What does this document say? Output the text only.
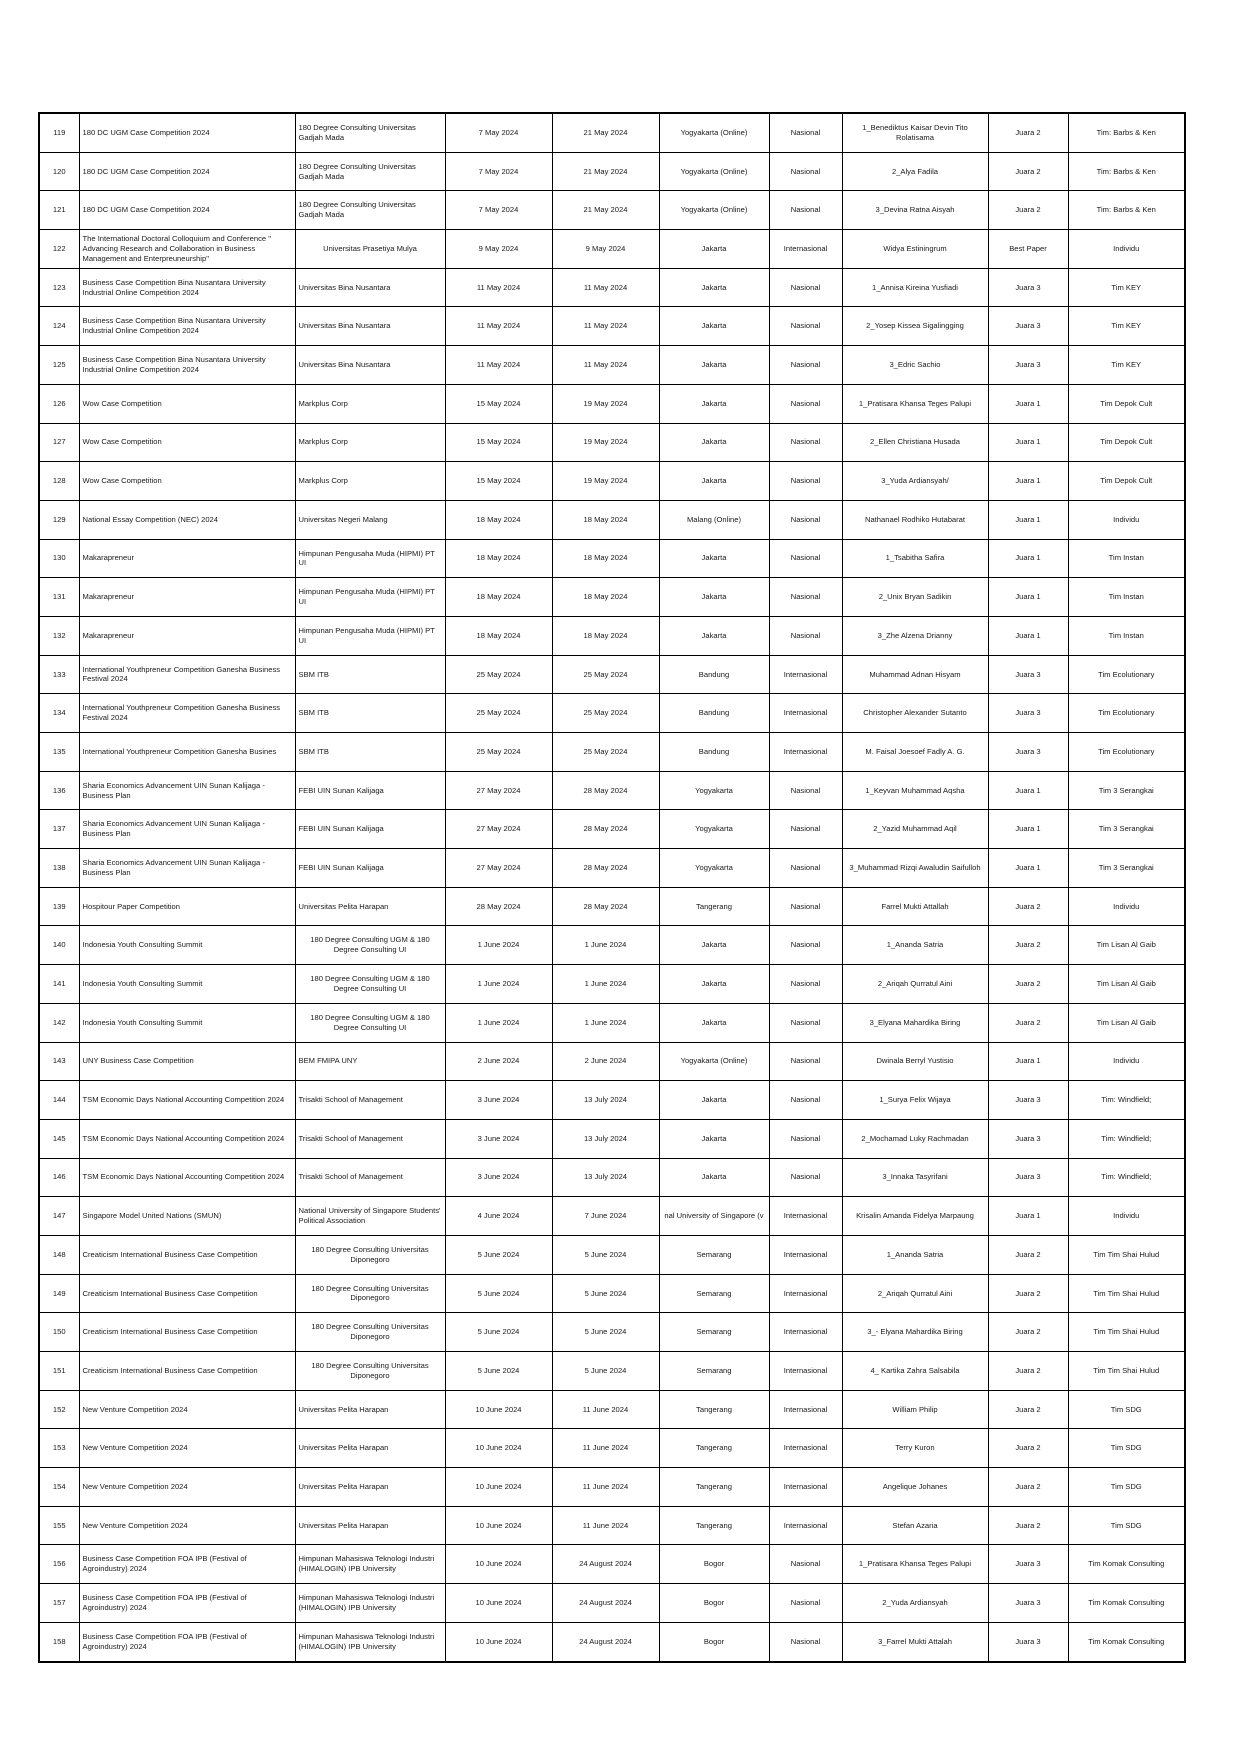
119	180 DC UGM Case Competition 2024	180 Degree Consulting Universitas Gadjah Mada	7 May 2024	21 May 2024	Yogyakarta (Online)	Nasional	1_Benediktus Kaisar Devin Tito Rolatisama	Juara 2	Tim: Barbs & Ken
120	180 DC UGM Case Competition 2024	180 Degree Consulting Universitas Gadjah Mada	7 May 2024	21 May 2024	Yogyakarta (Online)	Nasional	2_Alya Fadila	Juara 2	Tim: Barbs & Ken
121	180 DC UGM Case Competition 2024	180 Degree Consulting Universitas Gadjah Mada	7 May 2024	21 May 2024	Yogyakarta (Online)	Nasional	3_Devina Ratna Aisyah	Juara 2	Tim: Barbs & Ken
122	The International Doctoral Colloquium and Conference " Advancing Research and Collaboration in Business Management and Enterpreuneurship"	Universitas Prasetiya Mulya	9 May 2024	9 May 2024	Jakarta	Internasional	Widya Estiningrum	Best Paper	Individu
123	Business Case Competition Bina Nusantara University Industrial Online Competition 2024	Universitas Bina Nusantara	11 May 2024	11 May 2024	Jakarta	Nasional	1_Annisa Kireina Yusfiadi	Juara 3	Tim KEY
124	Business Case Competition Bina Nusantara University Industrial Online Competition 2024	Universitas Bina Nusantara	11 May 2024	11 May 2024	Jakarta	Nasional	2_Yosep Kissea Sigalingging	Juara 3	Tim KEY
125	Business Case Competition Bina Nusantara University Industrial Online Competition 2024	Universitas Bina Nusantara	11 May 2024	11 May 2024	Jakarta	Nasional	3_Edric Sachio	Juara 3	Tim KEY
126	Wow Case Competition	Markplus Corp	15 May 2024	19 May 2024	Jakarta	Nasional	1_Pratisara Khansa Teges Palupi	Juara 1	Tim Depok Cult
127	Wow Case Competition	Markplus Corp	15 May 2024	19 May 2024	Jakarta	Nasional	2_Ellen Christiana Husada	Juara 1	Tim Depok Cult
128	Wow Case Competition	Markplus Corp	15 May 2024	19 May 2024	Jakarta	Nasional	3_Yuda Ardiansyah/	Juara 1	Tim Depok Cult
129	National Essay Competition (NEC) 2024	Universitas Negeri Malang	18 May 2024	18 May 2024	Malang (Online)	Nasional	Nathanael Rodhiko Hutabarat	Juara 1	Individu
130	Makarapreneur	Himpunan Pengusaha Muda (HIPMI) PT UI	18 May 2024	18 May 2024	Jakarta	Nasional	1_Tsabitha Safira	Juara 1	Tim Instan
131	Makarapreneur	Himpunan Pengusaha Muda (HIPMI) PT UI	18 May 2024	18 May 2024	Jakarta	Nasional	2_Unix Bryan Sadikin	Juara 1	Tim Instan
132	Makarapreneur	Himpunan Pengusaha Muda (HIPMI) PT UI	18 May 2024	18 May 2024	Jakarta	Nasional	3_Zhe Alzena Drianny	Juara 1	Tim Instan
133	International Youthpreneur Competition Ganesha Business Festival 2024	SBM ITB	25 May 2024	25 May 2024	Bandung	Internasional	Muhammad Adnan Hisyam	Juara 3	Tim Ecolutionary
134	International Youthpreneur Competition Ganesha Business Festival 2024	SBM ITB	25 May 2024	25 May 2024	Bandung	Internasional	Christopher Alexander Sutanto	Juara 3	Tim Ecolutionary
135	International Youthpreneur Competition Ganesha Busines	SBM ITB	25 May 2024	25 May 2024	Bandung	Internasional	M. Faisal Joesoef Fadly A. G.	Juara 3	Tim Ecolutionary
136	Sharia Economics Advancement UIN Sunan Kalijaga - Business Plan	FEBI UIN Sunan Kalijaga	27 May 2024	28 May 2024	Yogyakarta	Nasional	1_Keyvan Muhammad Aqsha	Juara 1	Tim 3 Serangkai
137	Sharia Economics Advancement UIN Sunan Kalijaga - Business Plan	FEBI UIN Sunan Kalijaga	27 May 2024	28 May 2024	Yogyakarta	Nasional	2_Yazid Muhammad Aqil	Juara 1	Tim 3 Serangkai
138	Sharia Economics Advancement UIN Sunan Kalijaga - Business Plan	FEBI UIN Sunan Kalijaga	27 May 2024	28 May 2024	Yogyakarta	Nasional	3_Muhammad Rizqi Awaludin Saifulloh	Juara 1	Tim 3 Serangkai
139	Hospitour Paper Competition	Universitas Pelita Harapan	28 May 2024	28 May 2024	Tangerang	Nasional	Farrel Mukti Attallah	Juara 2	Individu
140	Indonesia Youth Consulting Summit	180 Degree Consulting UGM & 180 Degree Consulting UI	1 June 2024	1 June 2024	Jakarta	Nasional	1_Ananda Satria	Juara 2	Tim Lisan Al Gaib
141	Indonesia Youth Consulting Summit	180 Degree Consulting UGM & 180 Degree Consulting UI	1 June 2024	1 June 2024	Jakarta	Nasional	2_Ariqah Qurratul Aini	Juara 2	Tim Lisan Al Gaib
142	Indonesia Youth Consulting Summit	180 Degree Consulting UGM & 180 Degree Consulting UI	1 June 2024	1 June 2024	Jakarta	Nasional	3_Elyana Mahardika Biring	Juara 2	Tim Lisan Al Gaib
143	UNY Business Case Competition	BEM FMIPA UNY	2 June 2024	2 June 2024	Yogyakarta (Online)	Nasional	Dwinala Berryl Yustisio	Juara 1	Individu
144	TSM Economic Days National Accounting Competition 2024	Trisakti School of Management	3 June 2024	13 July 2024	Jakarta	Nasional	1_Surya Felix Wijaya	Juara 3	Tim: Windfield;
145	TSM Economic Days National Accounting Competition 2024	Trisakti School of Management	3 June 2024	13 July 2024	Jakarta	Nasional	2_Mochamad Luky Rachmadan	Juara 3	Tim: Windfield;
146	TSM Economic Days National Accounting Competition 2024	Trisakti School of Management	3 June 2024	13 July 2024	Jakarta	Nasional	3_Innaka Tasyrifani	Juara 3	Tim: Windfield;
147	Singapore Model United Nations (SMUN)	National University of Singapore Students' Political Association	4 June 2024	7 June 2024	nal University of Singapore (v	Internasional	Krisalin Amanda Fidelya Marpaung	Juara 1	Individu
148	Creaticism International Business Case Competition	180 Degree Consulting Universitas Diponegoro	5 June 2024	5 June 2024	Semarang	Internasional	1_Ananda Satria	Juara 2	Tim Tim Shai Hulud
149	Creaticism International Business Case Competition	180 Degree Consulting Universitas Diponegoro	5 June 2024	5 June 2024	Semarang	Internasional	2_Ariqah Qurratul Aini	Juara 2	Tim Tim Shai Hulud
150	Creaticism International Business Case Competition	180 Degree Consulting Universitas Diponegoro	5 June 2024	5 June 2024	Semarang	Internasional	3_- Elyana Mahardika Biring	Juara 2	Tim Tim Shai Hulud
151	Creaticism International Business Case Competition	180 Degree Consulting Universitas Diponegoro	5 June 2024	5 June 2024	Semarang	Internasional	4_ Kartika Zahra Salsabila	Juara 2	Tim Tim Shai Hulud
152	New Venture Competition 2024	Universitas Pelita Harapan	10 June 2024	11 June 2024	Tangerang	Internasional	William Philip	Juara 2	Tim SDG
153	New Venture Competition 2024	Universitas Pelita Harapan	10 June 2024	11 June 2024	Tangerang	Internasional	Terry Kuron	Juara 2	Tim SDG
154	New Venture Competition 2024	Universitas Pelita Harapan	10 June 2024	11 June 2024	Tangerang	Internasional	Angelique Johanes	Juara 2	Tim SDG
155	New Venture Competition 2024	Universitas Pelita Harapan	10 June 2024	11 June 2024	Tangerang	Internasional	Stefan Azaria	Juara 2	Tim SDG
156	Business Case Competition FOA IPB (Festival of Agroindustry) 2024	Himpunan Mahasiswa Teknologi Industri (HIMALOGIN) IPB University	10 June 2024	24 August 2024	Bogor	Nasional	1_Pratisara Khansa Teges Palupi	Juara 3	Tim Komak Consulting
157	Business Case Competition FOA IPB (Festival of Agroindustry) 2024	Himpunan Mahasiswa Teknologi Industri (HIMALOGIN) IPB University	10 June 2024	24 August 2024	Bogor	Nasional	2_Yuda Ardiansyah	Juara 3	Tim Komak Consulting
158	Business Case Competition FOA IPB (Festival of Agroindustry) 2024	Himpunan Mahasiswa Teknologi Industri (HIMALOGIN) IPB University	10 June 2024	24 August 2024	Bogor	Nasional	3_Farrel Mukti Attalah	Juara 3	Tim Komak Consulting
